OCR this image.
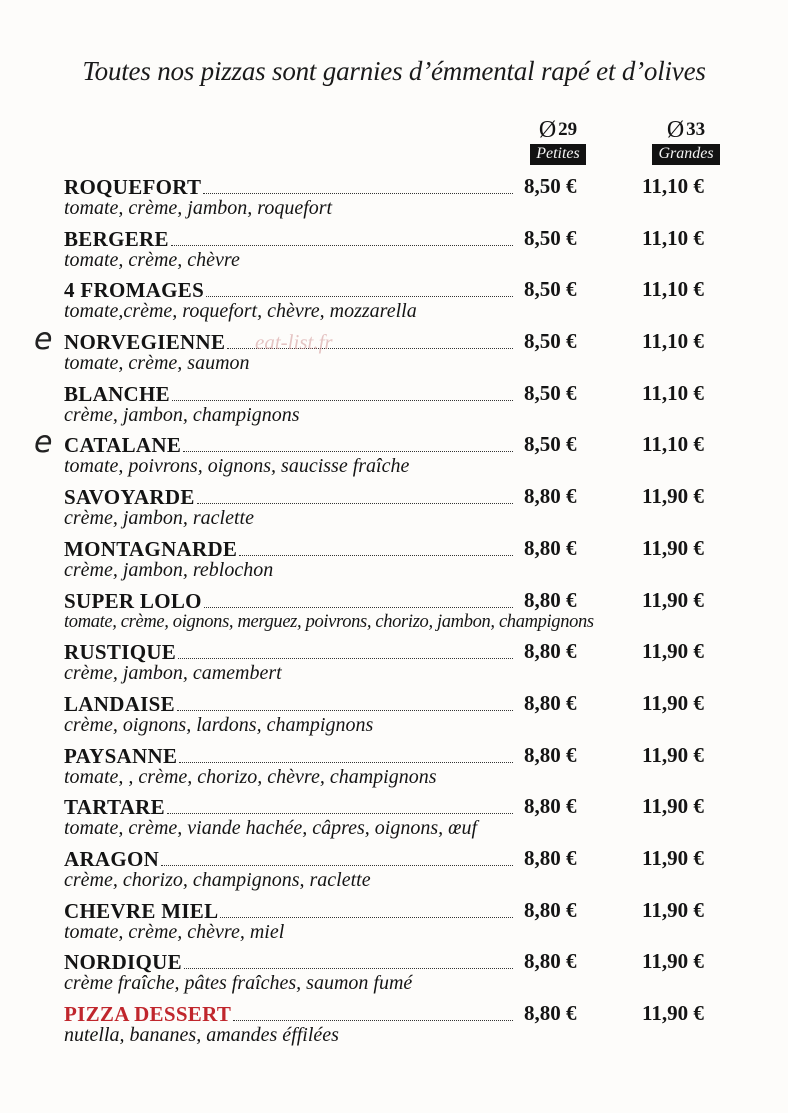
Toutes nos pizzas sont garnies d’émmental rapé et d’olives
Ø 29
Petites
Ø 33
Grandes
ROQUEFORT	8,50 €	11,10 €
tomate, crème, jambon, roquefort
BERGERE	8,50 €	11,10 €
tomate, crème, chèvre
4 FROMAGES	8,50 €	11,10 €
tomate,crème, roquefort, chèvre, mozzarella
NORVEGIENNE	8,50 €	11,10 €
tomate, crème, saumon
BLANCHE	8,50 €	11,10 €
crème, jambon, champignons
CATALANE	8,50 €	11,10 €
tomate, poivrons, oignons, saucisse fraîche
SAVOYARDE	8,80 €	11,90 €
crème, jambon, raclette
MONTAGNARDE	8,80 €	11,90 €
crème, jambon, reblochon
SUPER LOLO	8,80 €	11,90 €
tomate, crème, oignons, merguez, poivrons, chorizo, jambon, champignons
RUSTIQUE	8,80 €	11,90 €
crème, jambon, camembert
LANDAISE	8,80 €	11,90 €
crème, oignons, lardons, champignons
PAYSANNE	8,80 €	11,90 €
tomate, , crème, chorizo, chèvre, champignons
TARTARE	8,80 €	11,90 €
tomate, crème, viande hachée, câpres, oignons, œuf
ARAGON	8,80 €	11,90 €
crème, chorizo, champignons, raclette
CHEVRE MIEL	8,80 €	11,90 €
tomate, crème, chèvre, miel
NORDIQUE	8,80 €	11,90 €
crème fraîche, pâtes fraîches, saumon fumé
PIZZA DESSERT	8,80 €	11,90 €
nutella, bananes, amandes éffilées
eat-list.fr
e
e
